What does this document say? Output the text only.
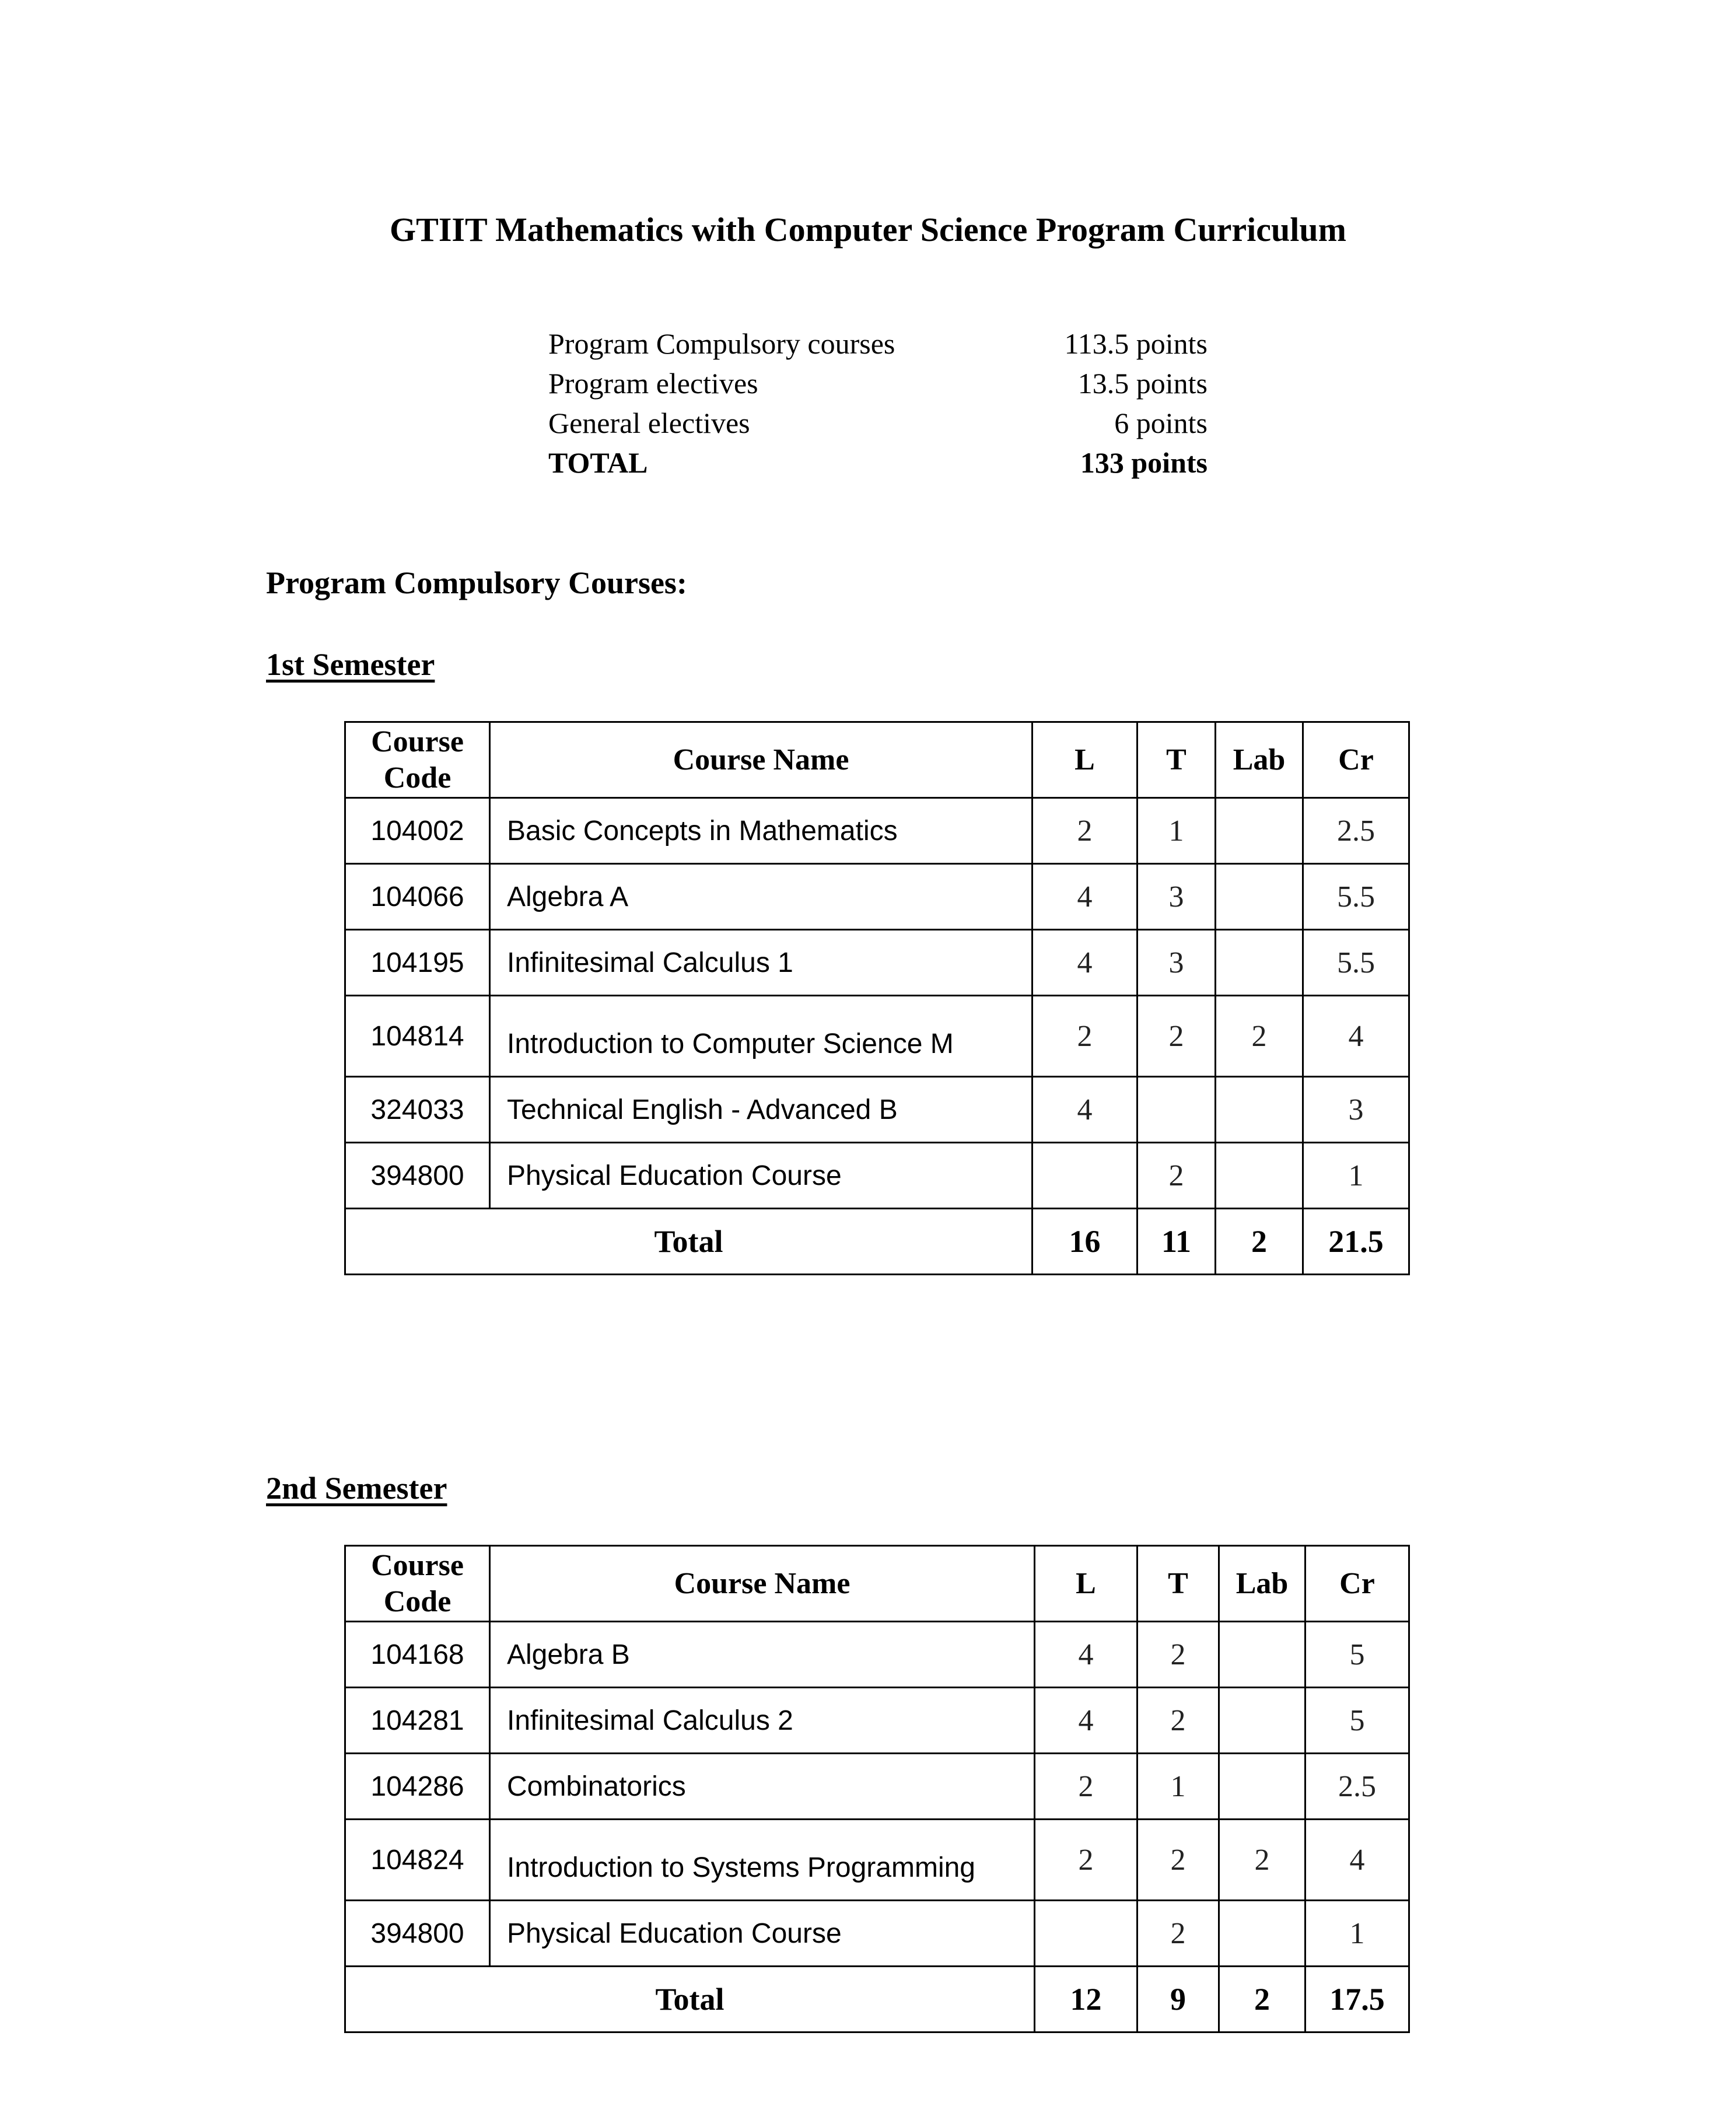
GTIIT Mathematics with Computer Science Program Curriculum
Program Compulsory courses	113.5 points
Program electives	13.5 points
General electives	6 points
TOTAL	133 points
Program Compulsory Courses:
1st Semester
Course Code	Course Name	L	T	Lab	Cr
104002	Basic Concepts in Mathematics	2	1		2.5
104066	Algebra A	4	3		5.5
104195	Infinitesimal Calculus 1	4	3		5.5
104814	Introduction to Computer Science M	2	2	2	4
324033	Technical English - Advanced B	4			3
394800	Physical Education Course		2		1
Total		16	11	2	21.5
2nd Semester
Course Code	Course Name	L	T	Lab	Cr
104168	Algebra B	4	2		5
104281	Infinitesimal Calculus 2	4	2		5
104286	Combinatorics	2	1		2.5
104824	Introduction to Systems Programming	2	2	2	4
394800	Physical Education Course		2		1
Total		12	9	2	17.5
